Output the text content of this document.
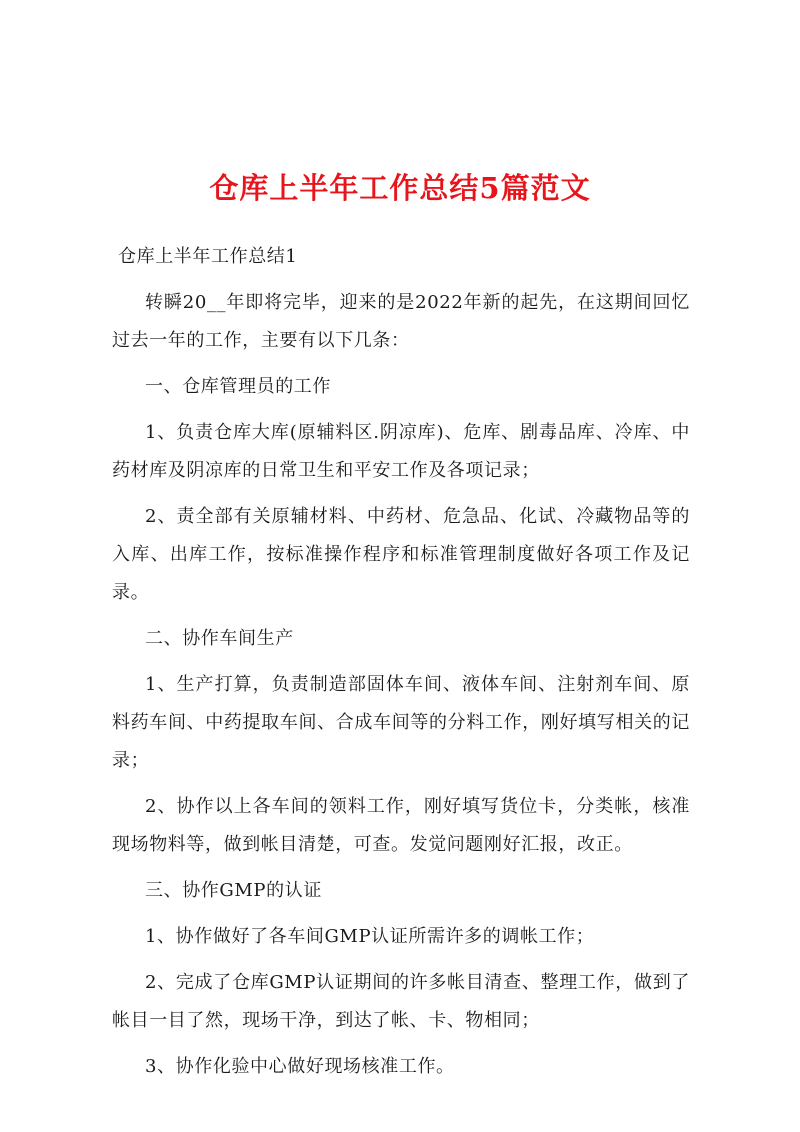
仓库上半年工作总结5篇范文

仓库上半年工作总结1

转瞬20__年即将完毕，迎来的是2022年新的起先，在这期间回忆过去一年的工作，主要有以下几条：

一、仓库管理员的工作

1、负责仓库大库(原辅料区.阴凉库)、危库、剧毒品库、冷库、中药材库及阴凉库的日常卫生和平安工作及各项记录；

2、责全部有关原辅材料、中药材、危急品、化试、冷藏物品等的入库、出库工作，按标准操作程序和标准管理制度做好各项工作及记录。

二、协作车间生产

1、生产打算，负责制造部固体车间、液体车间、注射剂车间、原料药车间、中药提取车间、合成车间等的分料工作，刚好填写相关的记录；

2、协作以上各车间的领料工作，刚好填写货位卡，分类帐，核准现场物料等，做到帐目清楚，可查。发觉问题刚好汇报，改正。

三、协作GMP的认证

1、协作做好了各车间GMP认证所需许多的调帐工作；

2、完成了仓库GMP认证期间的许多帐目清查、整理工作，做到了帐目一目了然，现场干净，到达了帐、卡、物相同；

3、协作化验中心做好现场核准工作。
